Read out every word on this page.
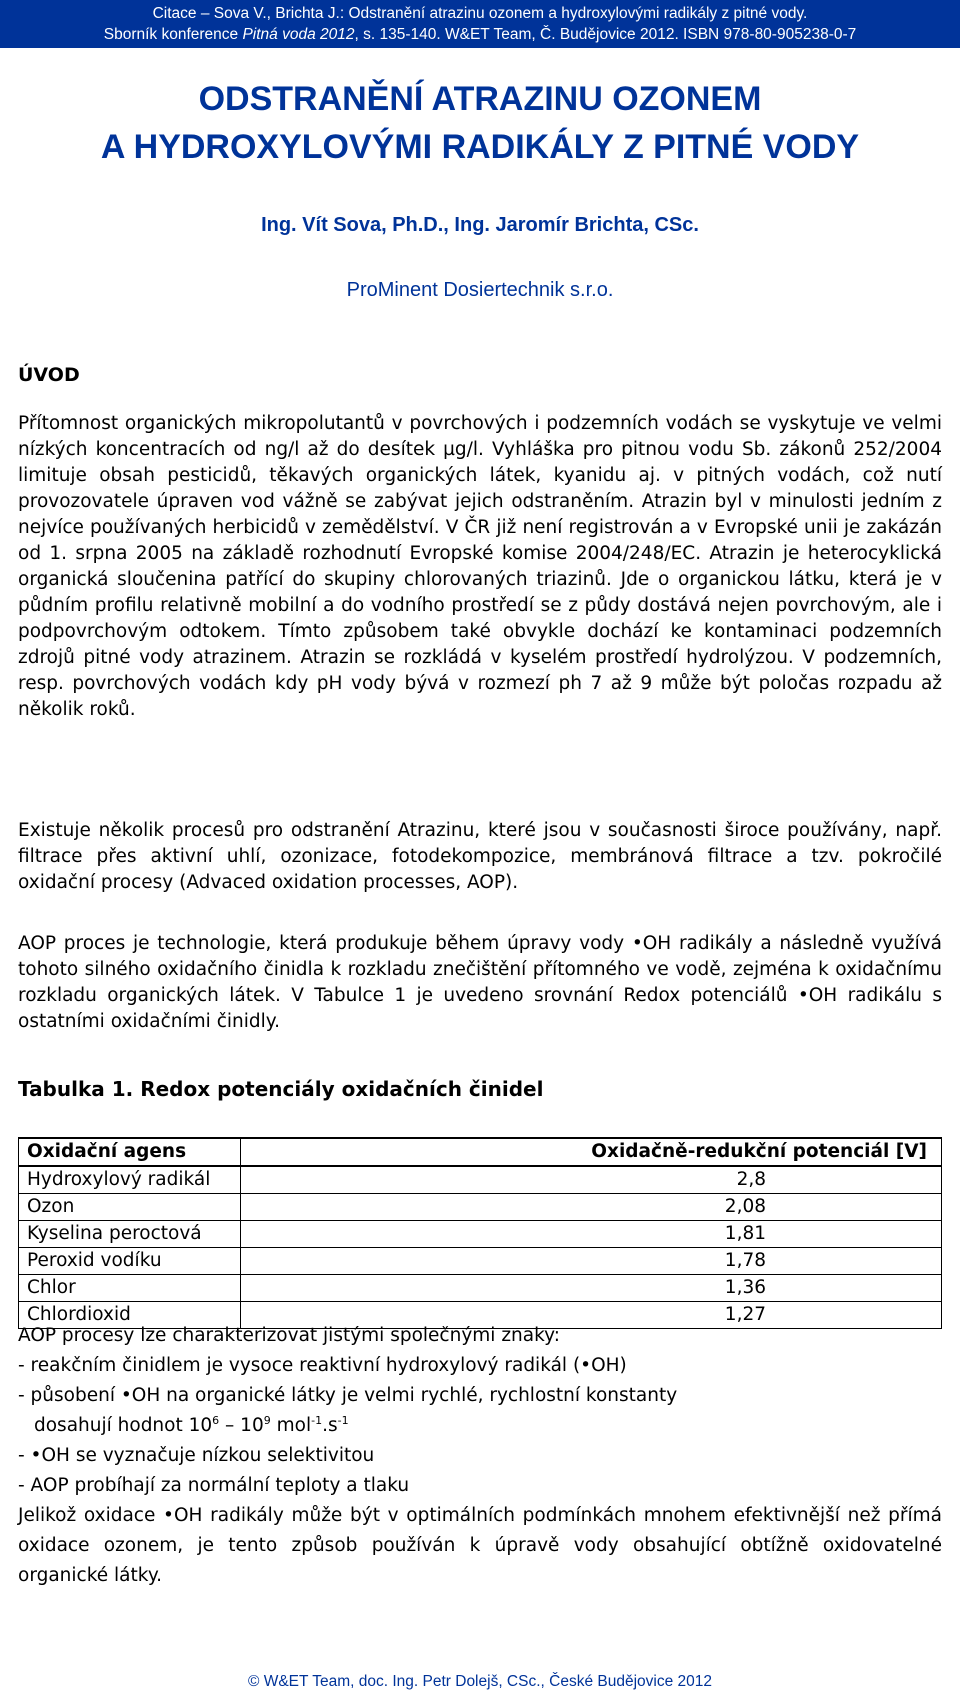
Citace – Sova V., Brichta J.: Odstranění atrazinu ozonem a hydroxylovými radikály z pitné vody.
Sborník konference Pitná voda 2012, s. 135-140. W&ET Team, Č. Budějovice 2012. ISBN 978-80-905238-0-7
ODSTRANĚNÍ ATRAZINU OZONEM
A HYDROXYLOVÝMI RADIKÁLY Z PITNÉ VODY
Ing. Vít Sova, Ph.D., Ing. Jaromír Brichta, CSc.
ProMinent Dosiertechnik s.r.o.
ÚVOD
Přítomnost organických mikropolutantů v povrchových i podzemních vodách se vyskytuje ve velmi nízkých koncentracích od ng/l až do desítek µg/l. Vyhláška pro pitnou vodu Sb. zákonů 252/2004 limituje obsah pesticidů, těkavých organických látek, kyanidu aj. v pitných vodách, což nutí provozovatele úpraven vod vážně se zabývat jejich odstraněním. Atrazin byl v minulosti jedním z nejvíce používaných herbicidů v zemědělství. V ČR již není registrován a v Evropské unii je zakázán od 1. srpna 2005 na základě rozhodnutí Evropské komise 2004/248/EC. Atrazin je heterocyklická organická sloučenina patřící do skupiny chlorovaných triazinů. Jde o organickou látku, která je v půdním profilu relativně mobilní a do vodního prostředí se z půdy dostává nejen povrchovým, ale i podpovrchovým odtokem. Tímto způsobem také obvykle dochází ke kontaminaci podzemních zdrojů pitné vody atrazinem. Atrazin se rozkládá v kyselém prostředí hydrolýzou. V podzemních, resp. povrchových vodách kdy pH vody bývá v rozmezí ph 7 až 9 může být poločas rozpadu až několik roků.
Existuje několik procesů pro odstranění Atrazinu, které jsou v současnosti široce používány, např. filtrace přes aktivní uhlí, ozonizace, fotodekompozice, membránová filtrace a tzv. pokročilé oxidační procesy (Advaced oxidation processes, AOP).
AOP proces je technologie, která produkuje během úpravy vody •OH radikály a následně využívá tohoto silného oxidačního činidla k rozkladu znečištění přítomného ve vodě, zejména k oxidačnímu rozkladu organických látek. V Tabulce 1 je uvedeno srovnání Redox potenciálů •OH radikálu s ostatními oxidačními činidly.
Tabulka 1. Redox potenciály oxidačních činidel
Oxidační agens	Oxidačně-redukční potenciál [V]
Hydroxylový radikál	2,8
Ozon	2,08
Kyselina peroctová	1,81
Peroxid vodíku	1,78
Chlor	1,36
Chlordioxid	1,27
AOP procesy lze charakterizovat jistými společnými znaky:
- reakčním činidlem je vysoce reaktivní hydroxylový radikál (•OH)
- působení •OH na organické látky je velmi rychlé, rychlostní konstanty
dosahují hodnot $10^6 - 10^9$ $mol^{-1}.s^{-1}$
- •OH se vyznačuje nízkou selektivitou
- AOP probíhají za normální teploty a tlaku
Jelikož oxidace •OH radikály může být v optimálních podmínkách mnohem efektivnější než přímá oxidace ozonem, je tento způsob používán k úpravě vody obsahující obtížně oxidovatelné organické látky.
© W&ET Team, doc. Ing. Petr Dolejš, CSc., České Budějovice 2012
